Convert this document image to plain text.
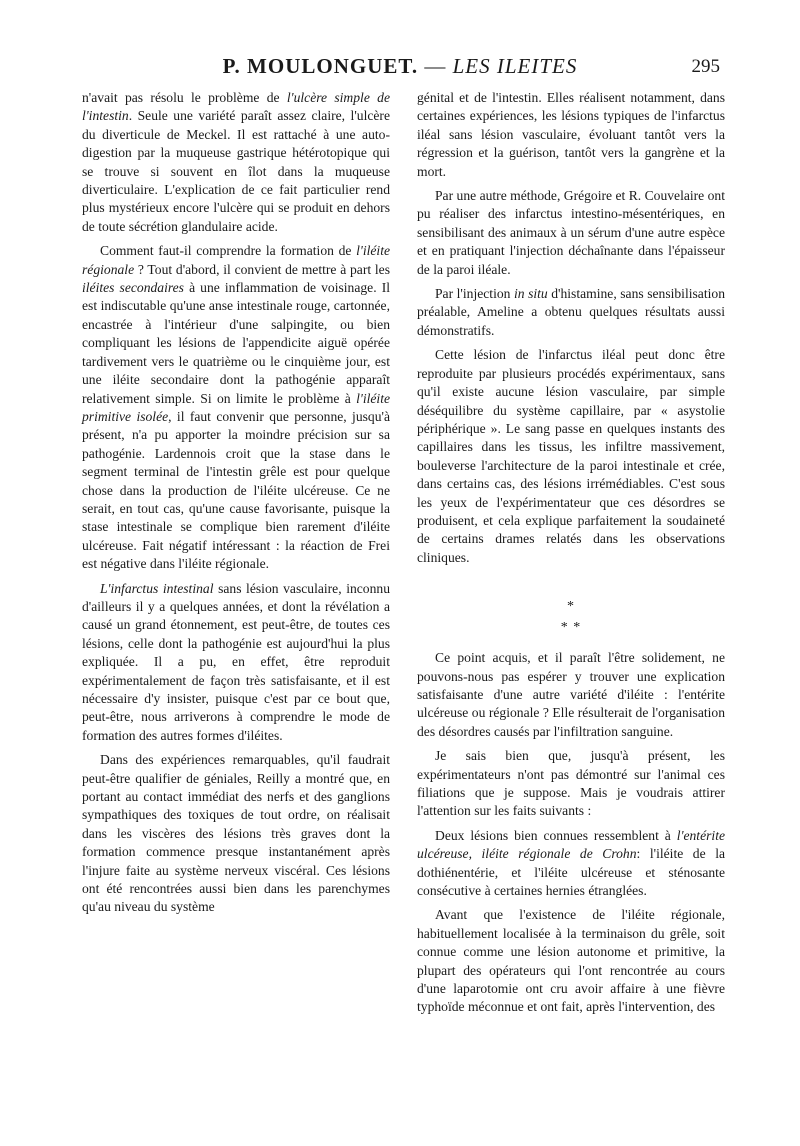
P. MOULONGUET. — LES ILEITES	295

n'avait pas résolu le problème de l'ulcère simple de l'intestin. Seule une variété paraît assez claire, l'ulcère du diverticule de Meckel. Il est rattaché à une auto-digestion par la muqueuse gastrique hétérotopique qui se trouve si souvent en îlot dans la muqueuse diverticulaire. L'explication de ce fait particulier rend plus mystérieux encore l'ulcère qui se produit en dehors de toute sécrétion glandulaire acide.

Comment faut-il comprendre la formation de l'iléite régionale ? Tout d'abord, il convient de mettre à part les iléites secondaires à une inflammation de voisinage. Il est indiscutable qu'une anse intestinale rouge, cartonnée, encastrée à l'intérieur d'une salpingite, ou bien compliquant les lésions de l'appendicite aiguë opérée tardivement vers le quatrième ou le cinquième jour, est une iléite secondaire dont la pathogénie apparaît relativement simple. Si on limite le problème à l'iléite primitive isolée, il faut convenir que personne, jusqu'à présent, n'a pu apporter la moindre précision sur sa pathogénie. Lardennois croit que la stase dans le segment terminal de l'intestin grêle est pour quelque chose dans la production de l'iléite ulcéreuse. Ce ne serait, en tout cas, qu'une cause favorisante, puisque la stase intestinale se complique bien rarement d'iléite ulcéreuse. Fait négatif intéressant : la réaction de Frei est négative dans l'iléite régionale.

L'infarctus intestinal sans lésion vasculaire, inconnu d'ailleurs il y a quelques années, et dont la révélation a causé un grand étonnement, est peut-être, de toutes ces lésions, celle dont la pathogénie est aujourd'hui la plus expliquée. Il a pu, en effet, être reproduit expérimentalement de façon très satisfaisante, et il est nécessaire d'y insister, puisque c'est par ce bout que, peut-être, nous arriverons à comprendre le mode de formation des autres formes d'iléites.

Dans des expériences remarquables, qu'il faudrait peut-être qualifier de géniales, Reilly a montré que, en portant au contact immédiat des nerfs et des ganglions sympathiques des toxiques de tout ordre, on réalisait dans les viscères des lésions très graves dont la formation commence presque instantanément après l'injure faite au système nerveux viscéral. Ces lésions ont été rencontrées aussi bien dans les parenchymes qu'au niveau du système

génital et de l'intestin. Elles réalisent notamment, dans certaines expériences, les lésions typiques de l'infarctus iléal sans lésion vasculaire, évoluant tantôt vers la régression et la guérison, tantôt vers la gangrène et la mort.

Par une autre méthode, Grégoire et R. Couvelaire ont pu réaliser des infarctus intestino-mésentériques, en sensibilisant des animaux à un sérum d'une autre espèce et en pratiquant l'injection déchaînante dans l'épaisseur de la paroi iléale.

Par l'injection in situ d'histamine, sans sensibilisation préalable, Ameline a obtenu quelques résultats aussi démonstratifs.

Cette lésion de l'infarctus iléal peut donc être reproduite par plusieurs procédés expérimentaux, sans qu'il existe aucune lésion vasculaire, par simple déséquilibre du système capillaire, par « asystolie périphérique ». Le sang passe en quelques instants des capillaires dans les tissus, les infiltre massivement, bouleverse l'architecture de la paroi intestinale et crée, dans certains cas, des lésions irrémédiables. C'est sous les yeux de l'expérimentateur que ces désordres se produisent, et cela explique parfaitement la soudaineté de certains drames relatés dans les observations cliniques.

*
* *

Ce point acquis, et il paraît l'être solidement, ne pouvons-nous pas espérer y trouver une explication satisfaisante d'une autre variété d'iléite : l'entérite ulcéreuse ou régionale ? Elle résulterait de l'organisation des désordres causés par l'infiltration sanguine.

Je sais bien que, jusqu'à présent, les expérimentateurs n'ont pas démontré sur l'animal ces filiations que je suppose. Mais je voudrais attirer l'attention sur les faits suivants :

Deux lésions bien connues ressemblent à l'entérite ulcéreuse, iléite régionale de Crohn: l'iléite de la dothiénentérie, et l'iléite ulcéreuse et sténosante consécutive à certaines hernies étranglées.

Avant que l'existence de l'iléite régionale, habituellement localisée à la terminaison du grêle, soit connue comme une lésion autonome et primitive, la plupart des opérateurs qui l'ont rencontrée au cours d'une laparotomie ont cru avoir affaire à une fièvre typhoïde méconnue et ont fait, après l'intervention, des
